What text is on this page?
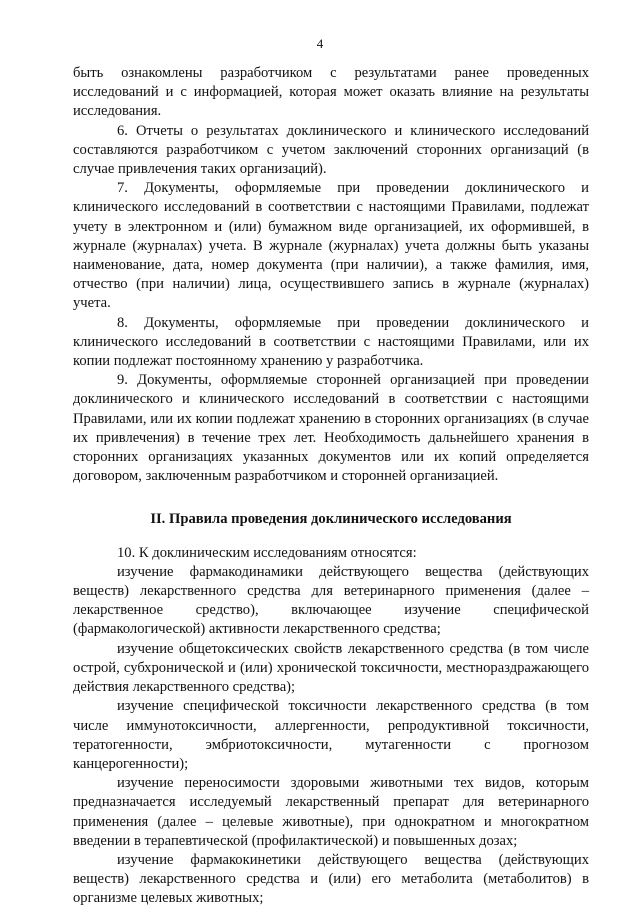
4

быть ознакомлены разработчиком с результатами ранее проведенных исследований и с информацией, которая может оказать влияние на результаты исследования.

6. Отчеты о результатах доклинического и клинического исследований составляются разработчиком с учетом заключений сторонних организаций (в случае привлечения таких организаций).

7. Документы, оформляемые при проведении доклинического и клинического исследований в соответствии с настоящими Правилами, подлежат учету в электронном и (или) бумажном виде организацией, их оформившей, в журнале (журналах) учета. В журнале (журналах) учета должны быть указаны наименование, дата, номер документа (при наличии), а также фамилия, имя, отчество (при наличии) лица, осуществившего запись в журнале (журналах) учета.

8. Документы, оформляемые при проведении доклинического и клинического исследований в соответствии с настоящими Правилами, или их копии подлежат постоянному хранению у разработчика.

9. Документы, оформляемые сторонней организацией при проведении доклинического и клинического исследований в соответствии с настоящими Правилами, или их копии подлежат хранению в сторонних организациях (в случае их привлечения) в течение трех лет. Необходимость дальнейшего хранения в сторонних организациях указанных документов или их копий определяется договором, заключенным разработчиком и сторонней организацией.

II. Правила проведения доклинического исследования

10. К доклиническим исследованиям относятся:

изучение фармакодинамики действующего вещества (действующих веществ) лекарственного средства для ветеринарного применения (далее – лекарственное средство), включающее изучение специфической (фармакологической) активности лекарственного средства;

изучение общетоксических свойств лекарственного средства (в том числе острой, субхронической и (или) хронической токсичности, местнораздражающего действия лекарственного средства);

изучение специфической токсичности лекарственного средства (в том числе иммунотоксичности, аллергенности, репродуктивной токсичности, тератогенности, эмбриотоксичности, мутагенности с прогнозом канцерогенности);

изучение переносимости здоровыми животными тех видов, которым предназначается исследуемый лекарственный препарат для ветеринарного применения (далее – целевые животные), при однократном и многократном введении в терапевтической (профилактической) и повышенных дозах;

изучение фармакокинетики действующего вещества (действующих веществ) лекарственного средства и (или) его метаболита (метаболитов) в организме целевых животных;
